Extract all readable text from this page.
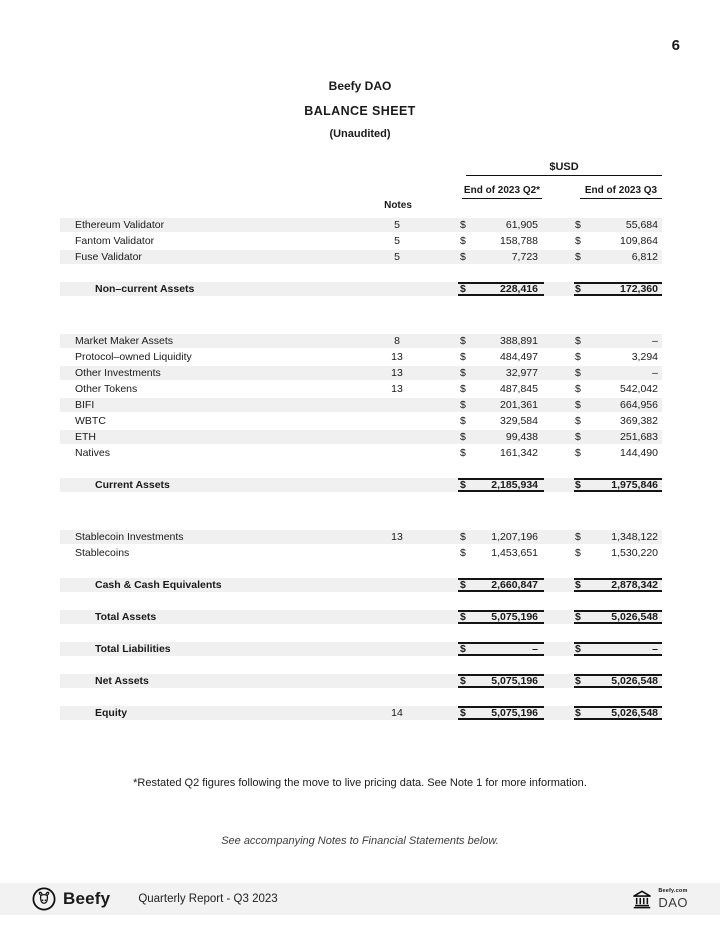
6
Beefy DAO
BALANCE SHEET
(Unaudited)
$USD
End of 2023 Q2*	End of 2023 Q3
Notes
Ethereum Validator	5	$	61,905	$	55,684
Fantom Validator	5	$	158,788	$	109,864
Fuse Validator	5	$	7,723	$	6,812
Non–current Assets	$	228,416	$	172,360
Market Maker Assets	8	$	388,891	$	–
Protocol–owned Liquidity	13	$	484,497	$	3,294
Other Investments	13	$	32,977	$	–
Other Tokens	13	$	487,845	$	542,042
BIFI	$	201,361	$	664,956
WBTC	$	329,584	$	369,382
ETH	$	99,438	$	251,683
Natives	$	161,342	$	144,490
Current Assets	$ 2,185,934	$	1,975,846
Stablecoin Investments	13	$ 1,207,196	$	1,348,122
Stablecoins	$ 1,453,651	$	1,530,220
Cash & Cash Equivalents	$ 2,660,847	$	2,878,342
Total Assets	$ 5,075,196	$	5,026,548
Total Liabilities	$	–	$	–
Net Assets	$ 5,075,196	$	5,026,548
Equity	14	$ 5,075,196	$	5,026,548
*Restated Q2 figures following the move to live pricing data. See Note 1 for more information.
See accompanying Notes to Financial Statements below.
Beefy Quarterly Report - Q3 2023
Beefy.com
DAO
